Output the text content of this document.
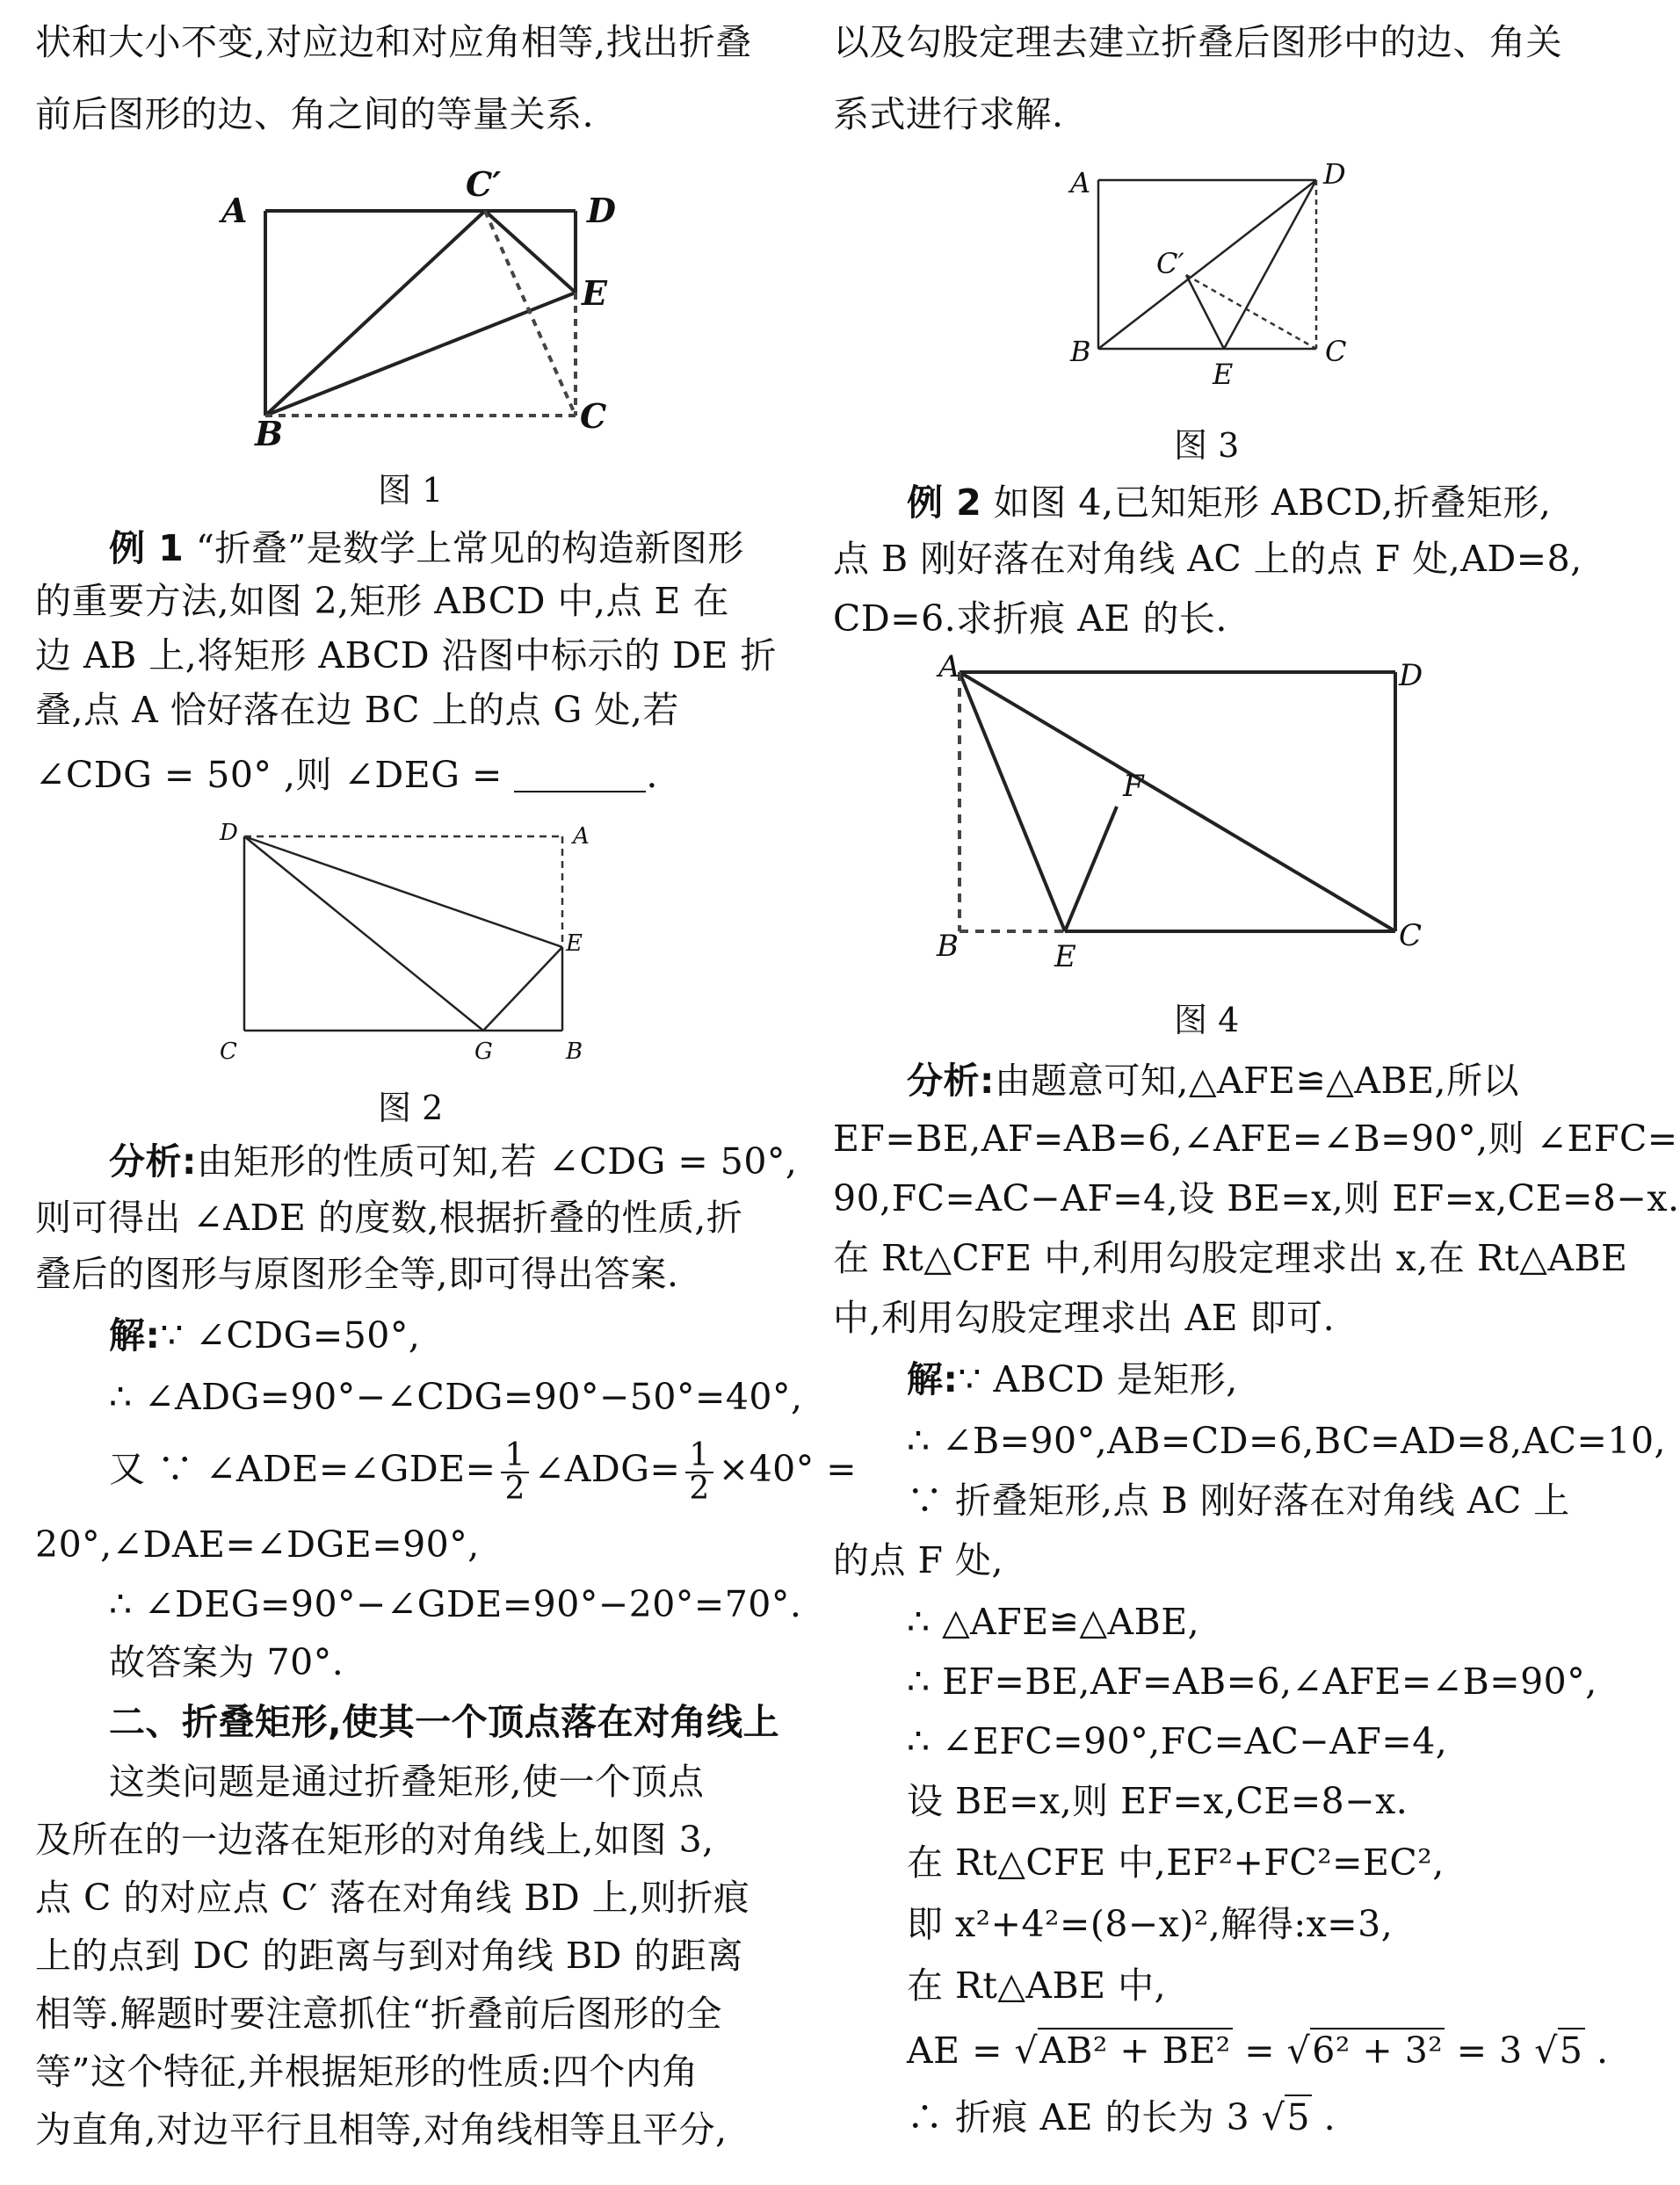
状和大小不变,对应边和对应角相等,找出折叠
前后图形的边、角之间的等量关系.
A
C′
D
E
B	C
图 1
例 1 “折叠”是数学上常见的构造新图形
的重要方法,如图 2,矩形 ABCD 中,点 E 在
边 AB 上,将矩形 ABCD 沿图中标示的 DE 折
叠,点 A 恰好落在边 BC 上的点 G 处,若
∠CDG = 50° ,则 ∠DEG =	.
D	A
E
C	G	B
图 2
分析:由矩形的性质可知,若 ∠CDG = 50°,
则可得出 ∠ADE 的度数,根据折叠的性质,折
叠后的图形与原图形全等,即可得出答案.
解:∵ ∠CDG=50°,
∴ ∠ADG=90°−∠CDG=90°−50°=40°,
又 ∵ ∠ADE=∠GDE= $\frac{1}{2}$ ∠ADG= $\frac{1}{2} \times 40^\circ$ =
20°,∠DAE=∠DGE=90°,
∴ ∠DEG=90°−∠GDE=90°−20°=70°.
故答案为 70°.
二、折叠矩形,使其一个顶点落在对角线上
这类问题是通过折叠矩形,使一个顶点
及所在的一边落在矩形的对角线上,如图 3,
点 C 的对应点 C′ 落在对角线 BD 上,则折痕
上的点到 DC 的距离与到对角线 BD 的距离
相等.解题时要注意抓住“折叠前后图形的全
等”这个特征,并根据矩形的性质:四个内角
为直角,对边平行且相等,对角线相等且平分,
以及勾股定理去建立折叠后图形中的边、角关
系式进行求解.
A	D
C′
B
E
C
图 3
例 2 如图 4,已知矩形 ABCD,折叠矩形,
点 B 刚好落在对角线 AC 上的点 F 处,AD=8,
CD=6.求折痕 AE 的长.
A	D
F
B	E
C
图 4
分析:由题意可知,△AFE≌△ABE,所以
EF=BE,AF=AB=6,∠AFE=∠B=90°,则 ∠EFC=
90,FC=AC−AF=4,设 BE=x,则 EF=x,CE=8−x.
在 Rt△CFE 中,利用勾股定理求出 x,在 Rt△ABE
中,利用勾股定理求出 AE 即可.
解:∵ ABCD 是矩形,
∴ ∠B=90°,AB=CD=6,BC=AD=8,AC=10,
∵ 折叠矩形,点 B 刚好落在对角线 AC 上
的点 F 处,
∴ △AFE≌△ABE,
∴ EF=BE,AF=AB=6,∠AFE=∠B=90°,
∴ ∠EFC=90°,FC=AC−AF=4,
设 BE=x,则 EF=x,CE=8−x.
在 Rt△CFE 中,EF²+FC²=EC²,
即 x²+4²=(8−x)²,解得:x=3,
在 Rt△ABE 中,
AE = √AB² + BE² = √6² + 3² = 3 √5 .
∴ 折痕 AE 的长为 3 √5 .
